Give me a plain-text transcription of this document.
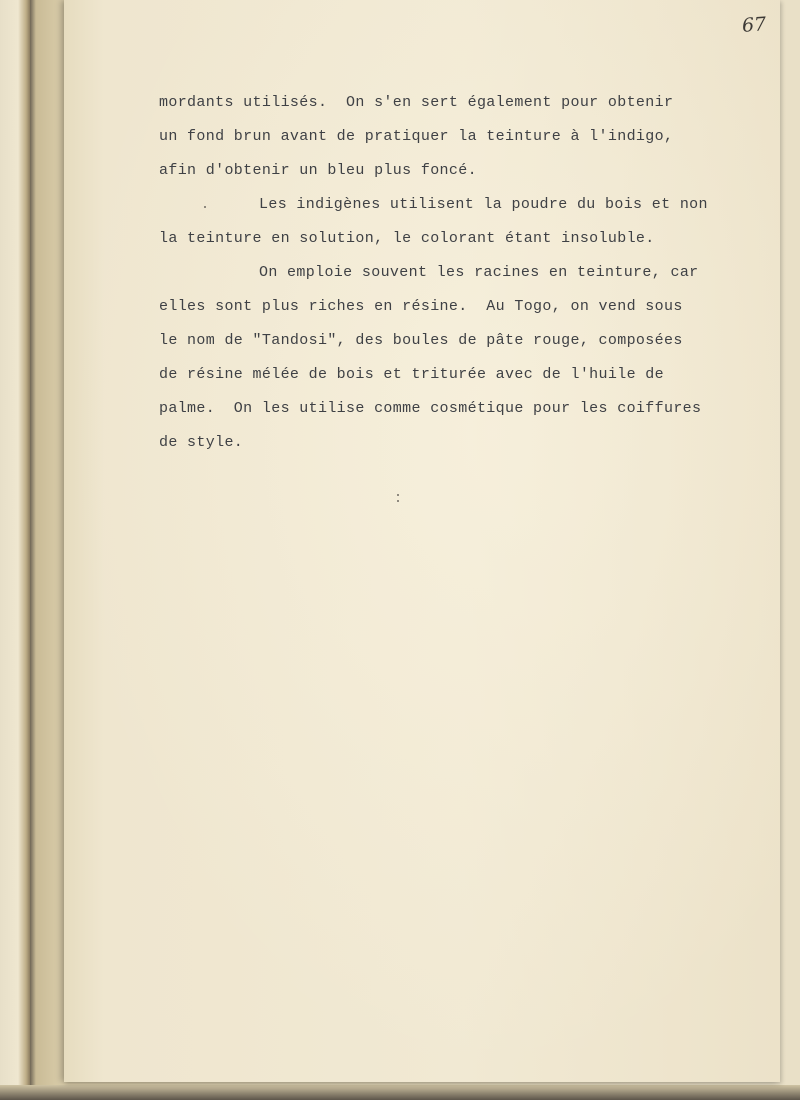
67
mordants utilisés.  On s'en sert également pour obtenir
un fond brun avant de pratiquer la teinture à l'indigo,
afin d'obtenir un bleu plus foncé.
Les indigènes utilisent la poudre du bois et non
la teinture en solution, le colorant étant insoluble.
On emploie souvent les racines en teinture, car
elles sont plus riches en résine.  Au Togo, on vend sous
le nom de "Tandosi", des boules de pâte rouge, composées
de résine mélée de bois et triturée avec de l'huile de
palme.  On les utilise comme cosmétique pour les coiffures
de style.
